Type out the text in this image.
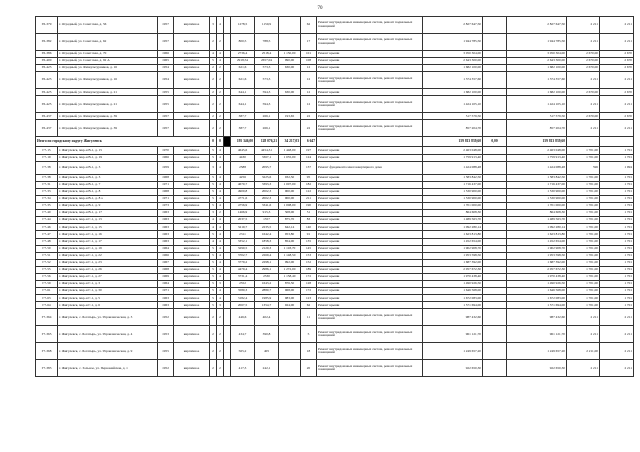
70
Г6-379	г. Отрадный, ул. Советская, д. 56	1957	кирпичное	3	4		1278,5	1150,9		62	Ремонт внутридомовых инженерных систем, ремонт подвальных помещений	2 827 647,50		2 827 647,50	2 211	2 211
Г6-382	г. Отрадный, ул. Советская, д. 62	1957	кирпичное	2	2		800,5	788,5		17	Ремонт внутридомовых инженерных систем, ремонт подвальных помещений	1 944 785,50		1 944 785,50	2 211	2 211
Г6-386	г. Отрадный, ул. Советская, д. 70	1966	кирпичное	4	4		2736,4	2518,4	1 150,00	101	Ремонт крыши	3 050 304,00		3 050 304,00	2 670,00	2 670
Г6-400	г. Отрадный, ул. Советская, д. 92 А	1965	кирпичное	5	4		2918,54	2657,04	990,00	108	Ремонт крыши	2 643 300,00		2 643 300,00	2 670,00	2 670
Г6-423	г. Отрадный, ул. Физкультурников, д. 16	1954	кирпичное	2	2		621,6	573,3	630,00	12	Ремонт крыши	1 682 100,00		1 682 100,00	2 670,00	2 670
Г6-423	г. Отрадный, ул. Физкультурников, д. 16	1954	кирпичное	2	2		621,6	573,3		12	Ремонт внутридомовых инженерных систем, ремонт подвальных помещений	1 374 357,60		1 374 357,60	2 211	2 211
Г6-425	г. Отрадный, ул. Физкультурников, д. 21	1955	кирпичное	2	2		644,1	594,3	630,00	12	Ремонт крыши	1 682 100,00		1 682 100,00	2 670,00	2 670
Г6-425	г. Отрадный, ул. Физкультурников, д. 21	1955	кирпичное	2	2		644,1	594,3		12	Ремонт внутридомовых инженерных систем, ремонт подвальных помещений	1 424 105,10		1 424 105,10	2 211	2 211
Г6-437	г. Отрадный, ул. Физкультурников, д. 39	1957	кирпичное	2	2		387,7	266,1	193,65	22	Ремонт крыши	517 579,50		517 579,50	2 670,00	2 670
Г6-437	г. Отрадный, ул. Физкультурников, д. 39	1957	кирпичное	2	2		387,7	266,1		22	Ремонт внутридомовых инженерных систем, ремонт подвальных помещений	857 204,70		857 204,70	2 211	2 211
Итого по городскому округу Жигулевск				0	0		195 346,00	128 076,21	34 217,03	6 647		159 813 839,60	0,00	159 813 839,60		
Г7-15	г. Жигулевск, мкр-н В-1, д. 15	1970	кирпичное	5	4		4645,6	4454,31	1 448,00	197	Ремонт крыши	2 463 048,00		2 463 048,00	1 701,00	1 701
Г7-19	г. Жигулевск, мкр-н В-1, д. 19	1966	кирпичное	5	4		4430	3367,1	1 035,00	124	Ремонт крыши	1 759 913,40		1 759 913,40	1 701,00	1 701
Г7-38	г. Жигулевск, мкр-н В-1, д. 3	1959	кирпичное	3	4		2588	2095,7		137	Ремонт фундамента многоквартирного дома	1 424 088,48		1 424 088,48	596	1 994
Г7-38	г. Жигулевск, мкр-н В-1, д. 3	1968	кирпичное	5	4		4256	3225,6	932,50	95	Ремонт крыши	1 583 842,50		1 583 842,50	1 701,00	1 701
Г7-31	г. Жигулевск, мкр-н В-1, д. 7	1971	кирпичное	5	4		4670,7	3393,3	1 007,00	182	Ремонт крыши	1 716 437,00		1 716 437,00	1 701,00	1 701
Г7-33	г. Жигулевск, мкр-н В-1, д. 8	1968	кирпичное	5	4		4900,8	2002,3	900,00	122	Ремонт крыши	1 530 900,00		1 530 900,00	1 701,00	1 701
Г7-34	г. Жигулевск, мкр-н В-1, д. 8 а	1971	кирпичное	5	4		4771,6	2002,3	900,00	211	Ремонт крыши	1 530 900,00		1 530 900,00	1 701,00	1 701
Г7-35	г. Жигулевск, мкр-н В-1, д. 9	1973	кирпичное	5	4		4756,9	3341,6	1 008,00	190	Ремонт крыши	1 701 000,00		1 701 000,00	1 701,00	1 701
Г7-40	г. Жигулевск, мкр-н В-1, д. 17	1963	кирпичное	3	2		1466,9	915,3	508,00	51	Ремонт крыши	864 608,30		864 608,30	1 701,00	1 701
Г7-44	г. Жигулевск, мкр-н Г-1, д. 13	1963	кирпичное	4	4		2037,5	1357	875,70	83	Ремонт крыши	1 489 563,70		1 489 563,70	1 701,00	1 701
Г7-46	г. Жигулевск, мкр-н Г-1, д. 15	1963	кирпичное	4	4		3219,7	2235,5	642,14	140	Ремонт крыши	1 092 280,14		1 092 280,14	1 701,00	1 701
Г7-47	г. Жигулевск, мкр-н Г-1, д. 16	1963	кирпичное	5	4		2311	1642,4	953,80	91	Ремонт крыши	1 623 813,80		1 623 813,80	1 701,00	1 701
Г7-48	г. Жигулевск, мкр-н Г-1, д. 17	1963	кирпичное	4	4		3352,1	1858,3	854,00	135	Ремонт крыши	1 452 654,00		1 452 654,00	1 701,00	1 701
Г7-50	г. Жигулевск, мкр-н Г-1, д. 19	1964	кирпичное	5	4		3290,5	2120,3	1 118,70	145	Ремонт крыши	1 902 908,70		1 902 908,70	1 701,00	1 701
Г7-51	г. Жигулевск, мкр-н Г-1, д. 22	1966	кирпичное	5	4		3702,7	2269,4	1 148,50	153	Ремонт крыши	1 953 598,50		1 953 598,50	1 701,00	1 701
Г7-52	г. Жигулевск, мкр-н Г-1, д. 23	1967	кирпичное	5	4		3779,2	2298,1	992,00	152	Ремонт крыши	1 687 392,00		1 687 392,00	1 701,00	1 701
Г7-55	г. Жигулевск, мкр-н Г-1, д. 26	1968	кирпичное	5	4		4479,4	2986,1	1 272,00	189	Ремонт крыши	2 057 672,30		2 057 672,30	1 701,00	1 701
Г7-56	г. Жигулевск, мкр-н Г-1, д. 27	1969	кирпичное	5	4		3731,4	2330	1 158,40	172	Ремонт крыши	1 970 438,40		1 970 438,40	1 701,00	1 701
Г7-59	г. Жигулевск, мкр-н Г-1, д. 3	1964	кирпичное	5	3		2352	1643,2	876,50	128	Ремонт крыши	1 490 926,50		1 490 926,50	1 701,00	1 701
Г7-61	г. Жигулевск, мкр-н Г-1, д. 30	1971	кирпичное	5	4		3580,3	2880,7	968,00	172	Ремонт крыши	1 646 568,00		1 646 568,00	1 701,00	1 701
Г7-63	г. Жигулевск, мкр-н Г-1, д. 5	1963	кирпичное	5	4		3182,4	1985,9	983,00	123	Ремонт крыши	1 672 083,00		1 672 083,00	1 701,00	1 701
Г7-64	г. Жигулевск, мкр-н Г-1, д. 6	1963	кирпичное	5	3		2067,5	1354,7	924,00	62	Ремонт крыши	1 571 694,00		1 571 694,00	1 701,00	1 701
Г7-364	г. Жигулевск, с. Богатырь, ул. Управленческая, д. 3	1952	кирпичное	2	2		446,6	402,4		11	Ремонт внутридомовых инженерных систем, ремонт подвальных помещений	987 432,60		987 432,60	2 211	2 211
Г7-365	г. Жигулевск, с. Богатырь, ул. Управленческая, д. 4	1953	кирпичное	2	2		434,7	390,8		5	Ремонт внутридомовых инженерных систем, ремонт подвальных помещений	961 121,70		961 121,70	2 211	2 211
Г7-368	г. Жигулевск, с. Богатырь, ул. Управленческая, д. 9	1955	кирпичное	2	2		565,2	405		18	Ремонт внутридомовых инженерных систем, ремонт подвальных помещений	1 249 657,20		1 249 657,20	2 211,00	2 211
Г7-383	г. Жигулевск, с. Зольное, ул. Первомайская, д. 1	1952	кирпичное	2	2		417,3	242,1		20	Ремонт внутридомовых инженерных систем, ремонт подвальных помещений	922 650,30		922 650,30	2 211	2 211
